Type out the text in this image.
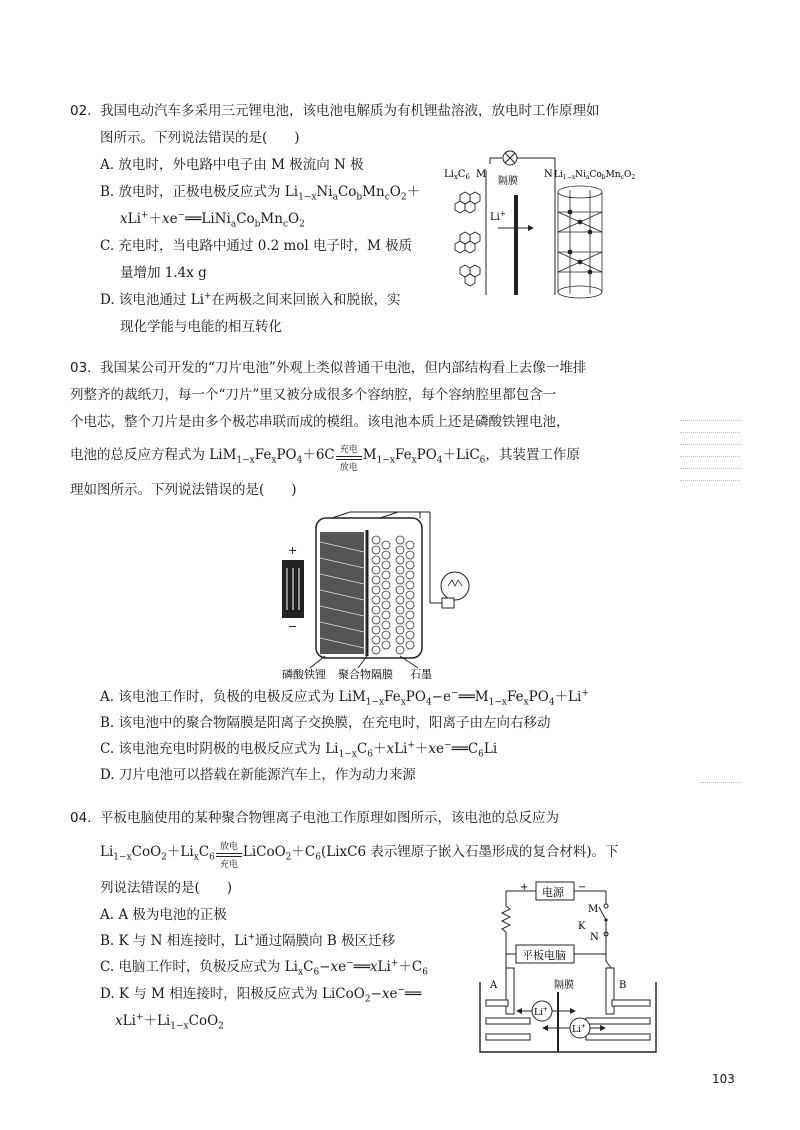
02. 我国电动汽车多采用三元锂电池，该电池电解质为有机锂盐溶液，放电时工作原理如
图所示。下列说法错误的是(　　)
A. 放电时，外电路中电子由 M 极流向 N 极
B. 放电时，正极电极反应式为 $Li_{1-x}Ni_aCo_bMn_cO_2+$
$xLi^++xe^-══LiNi_aCo_bMn_cO_2$
C. 充电时，当电路中通过 0.2 mol 电子时，M 极质
量增加 1.4x g
D. 该电池通过 Li+在两极之间来回嵌入和脱嵌，实
现化学能与电能的相互转化
$Li_xC_6$ M
隔膜
N $Li_{1-x}Ni_aCo_bMn_cO_2$
Li+
03. 我国某公司开发的“刀片电池”外观上类似普通干电池，但内部结构看上去像一堆排
列整齐的裁纸刀，每一个“刀片”里又被分成很多个容纳腔，每个容纳腔里都包含一
个电芯，整个刀片是由多个极芯串联而成的模组。该电池本质上还是磷酸铁锂电池，
电池的总反应方程式为 $LiM_{1-x}Fe_xPO_4+6C \frac{\text{充电}}{\text{放电}} M_{1-x}Fe_xPO_4+LiC_6$，其装置工作原
理如图所示。下列说法错误的是(　　)
+
−
磷酸铁锂 聚合物隔膜 石墨
A. 该电池工作时，负极的电极反应式为 $LiM_{1-x}Fe_xPO_4-e^-══M_{1-x}Fe_xPO_4+Li^+$
B. 该电池中的聚合物隔膜是阳离子交换膜，在充电时，阳离子由左向右移动
C. 该电池充电时阴极的电极反应式为 $Li_{1-x}C_6+xLi^++xe^-══C_6Li$
D. 刀片电池可以搭载在新能源汽车上，作为动力来源
04. 平板电脑使用的某种聚合物锂离子电池工作原理如图所示，该电池的总反应为
$Li_{1-x}CoO_2+Li_xC_6 \frac{\text{放电}}{\text{充电}}$ $LiCoO_2+C_6(LixC6$ 表示锂原子嵌入石墨形成的复合材料)。下
列说法错误的是(　　)
A. A 极为电池的正极
B. K 与 N 相连接时，Li+通过隔膜向 B 极区迁移
C. 电脑工作时，负极反应式为 $Li_xC_6-xe^-══xLi^++C_6$
D. K 与 M 相连接时，阳极反应式为 LiCoO$_2$−xe−══
$xLi^++Li_{1-x}CoO_2$
电源
+	−
M
K
N
平板电脑
A	B
隔膜
Li+
Li+
103
